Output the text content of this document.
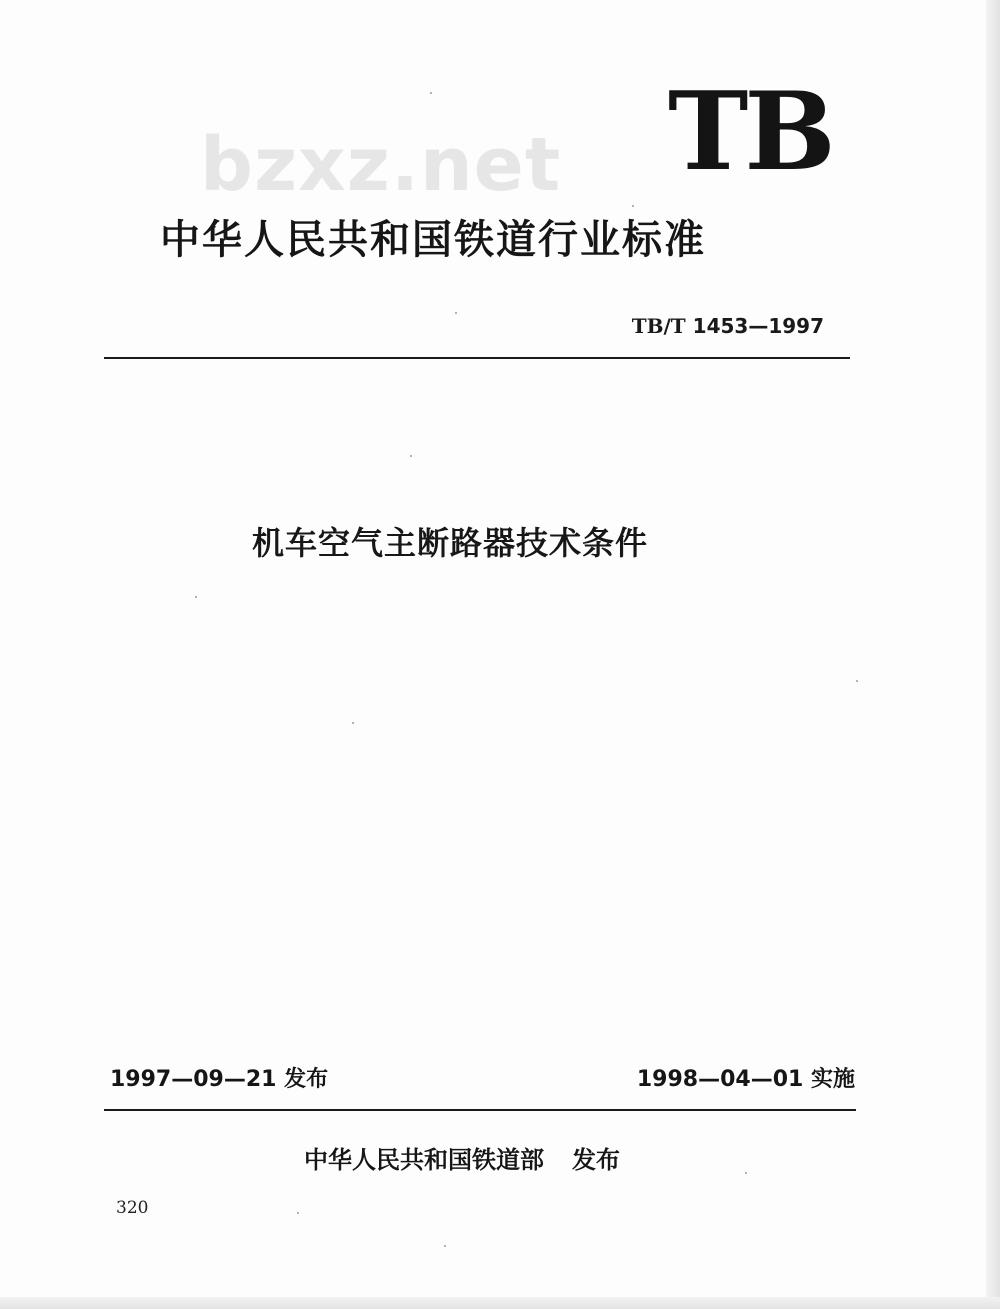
bzxz.net TB
中华人民共和国铁道行业标准
TB/T 1453—1997
机车空气主断路器技术条件
1997—09—21 发布	1998—04—01 实施
中华人民共和国铁道部 发布
320
